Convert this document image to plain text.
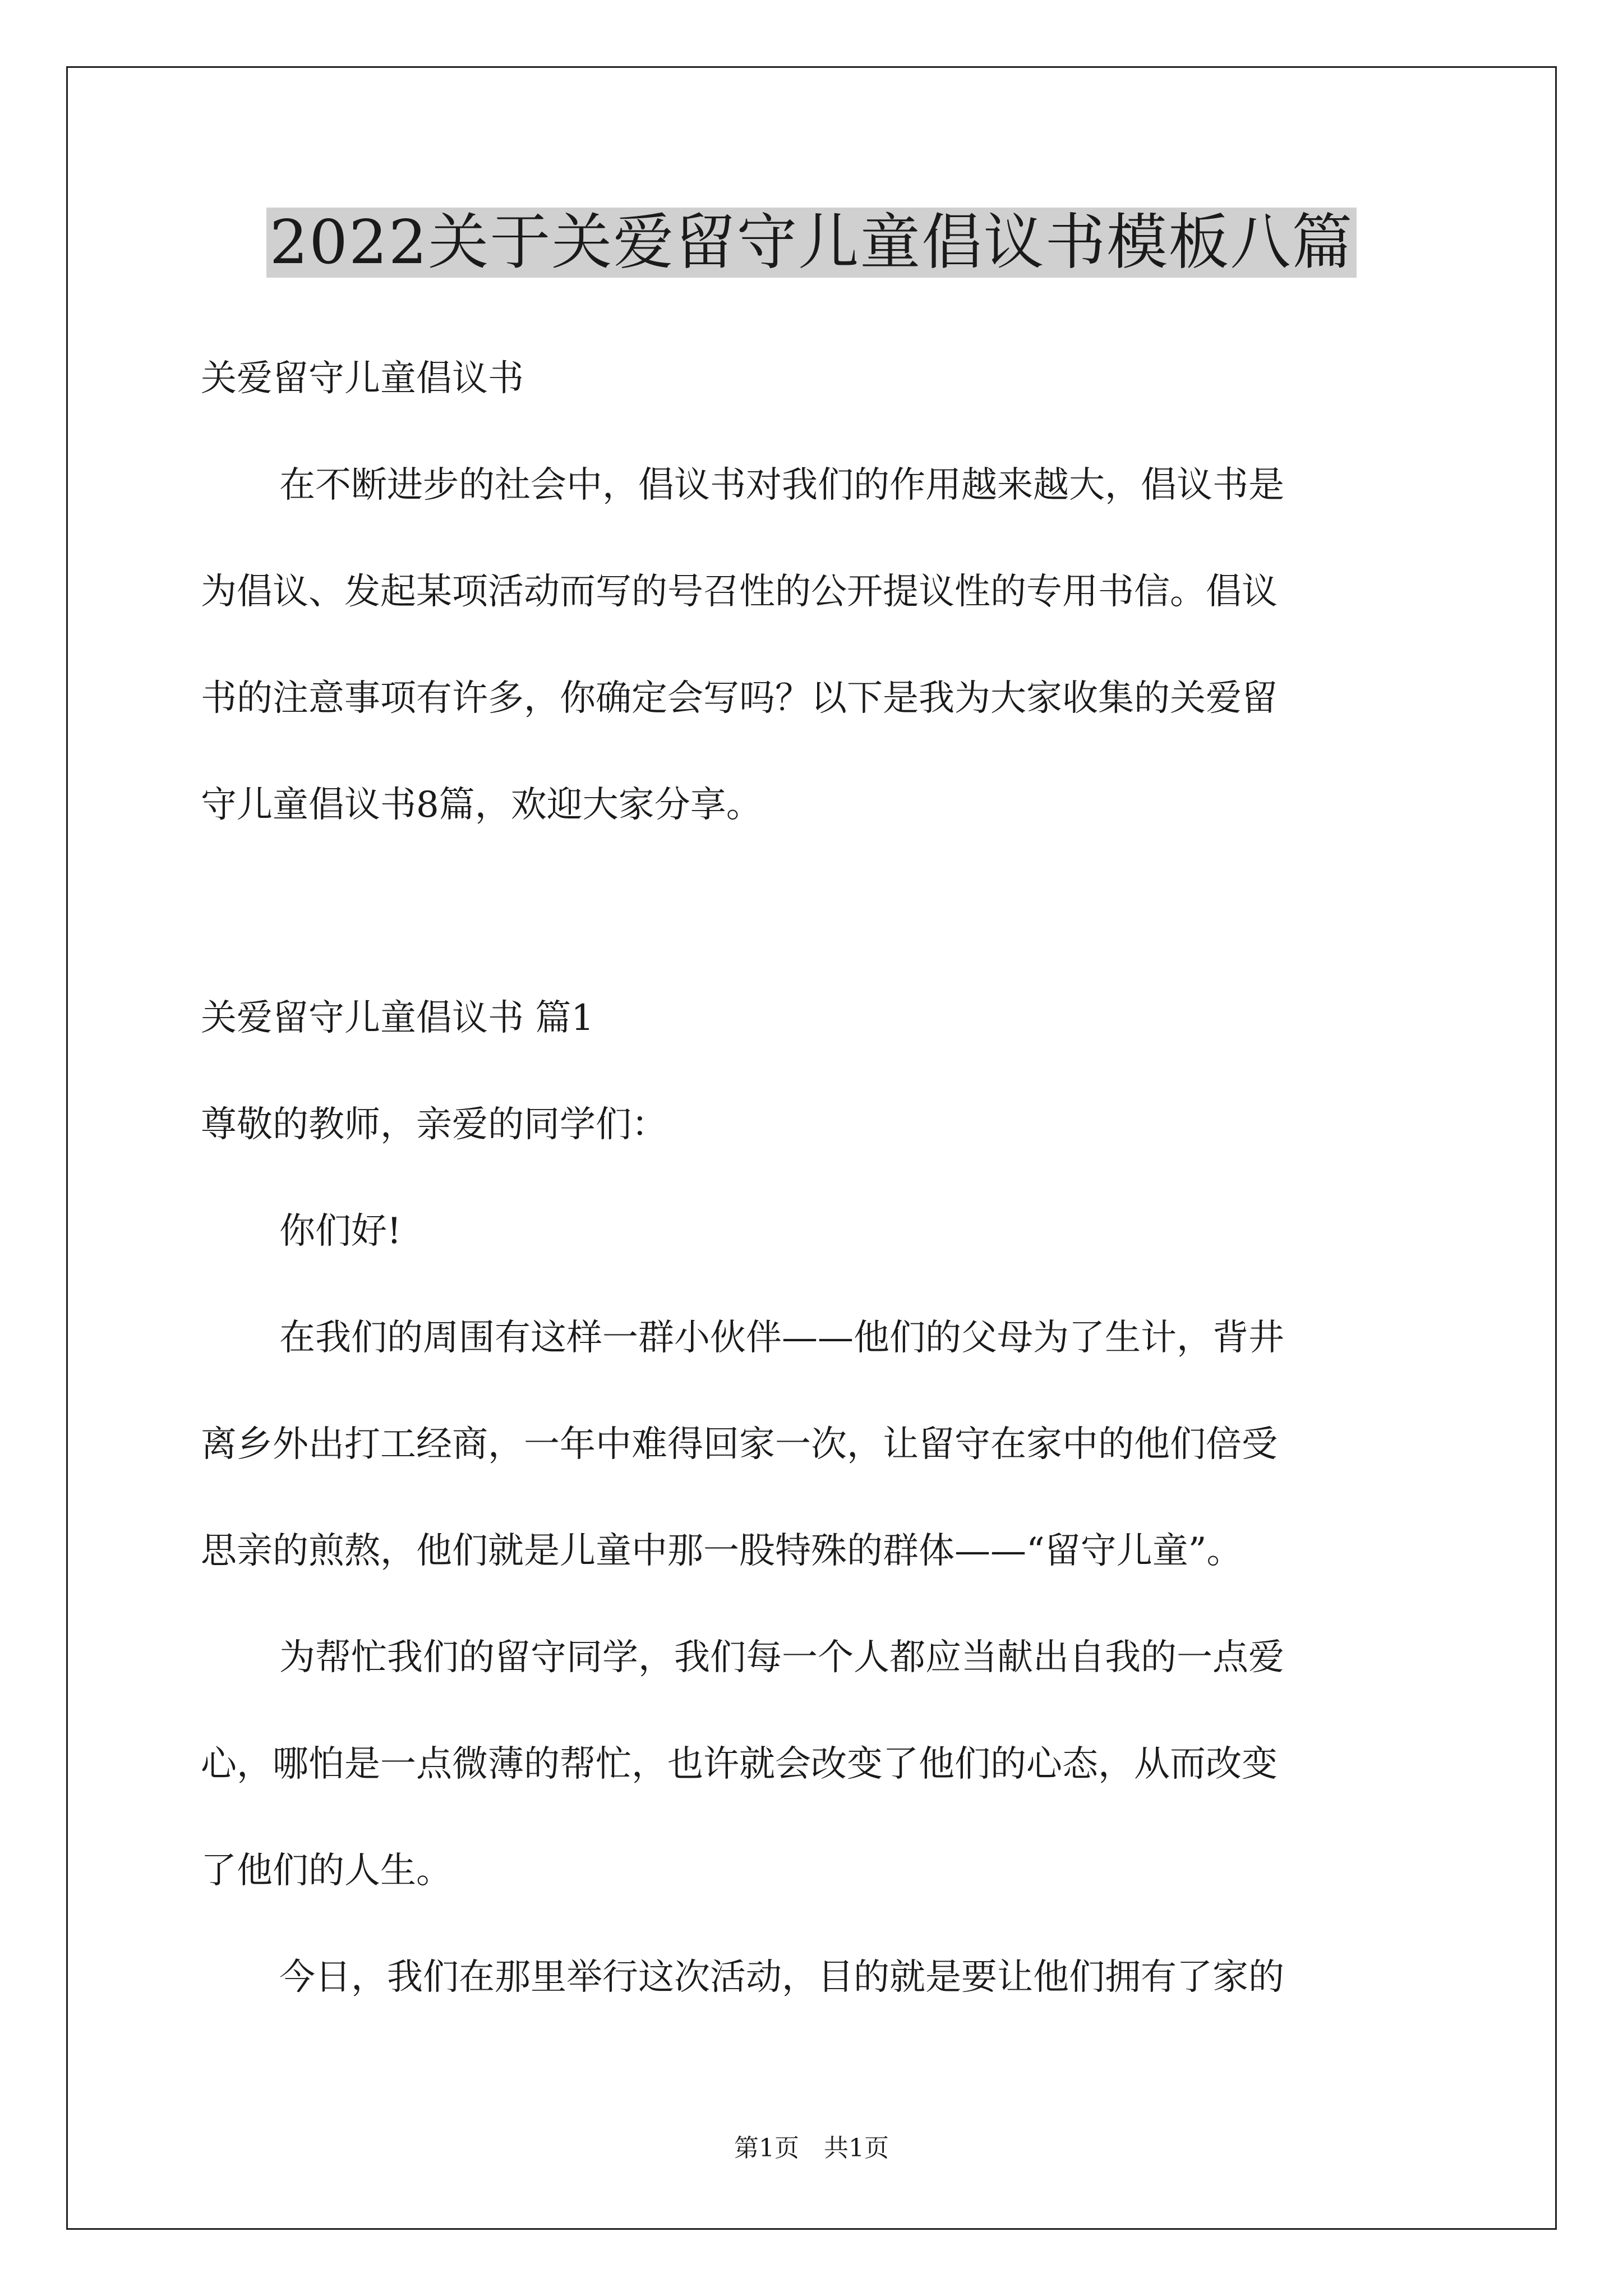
2022关于关爱留守儿童倡议书模板八篇
关爱留守儿童倡议书
在不断进步的社会中，倡议书对我们的作用越来越大，倡议书是
为倡议、发起某项活动而写的号召性的公开提议性的专用书信。倡议
书的注意事项有许多，你确定会写吗？以下是我为大家收集的关爱留
守儿童倡议书8篇，欢迎大家分享。
关爱留守儿童倡议书 篇1
尊敬的教师，亲爱的同学们：
你们好!
在我们的周围有这样一群小伙伴——他们的父母为了生计，背井
离乡外出打工经商，一年中难得回家一次，让留守在家中的他们倍受
思亲的煎熬，他们就是儿童中那一股特殊的群体——“留守儿童”。
为帮忙我们的留守同学，我们每一个人都应当献出自我的一点爱
心，哪怕是一点微薄的帮忙，也许就会改变了他们的心态，从而改变
了他们的人生。
今日，我们在那里举行这次活动，目的就是要让他们拥有了家的
第1页　共1页
